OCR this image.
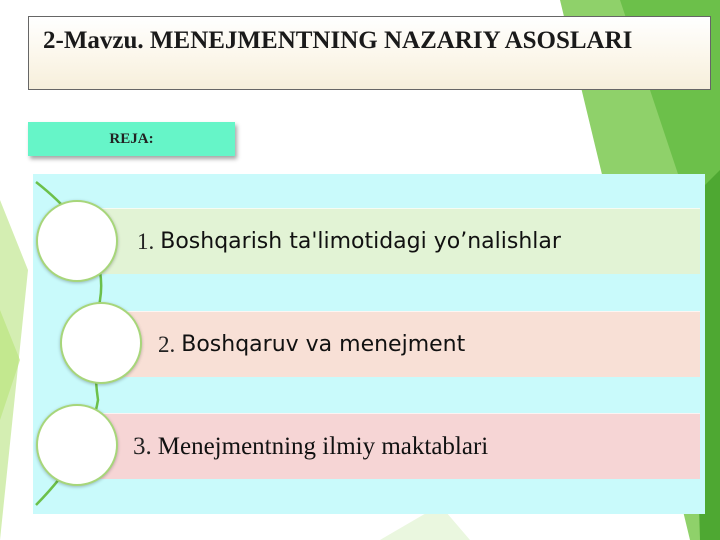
2-Mavzu. MENEJMENTNING NAZARIY ASOSLARI
REJA:
1. Boshqarish ta'limotidagi yo’nalishlar
2. Boshqaruv va menejment
3. Menejmentning ilmiy maktablari
